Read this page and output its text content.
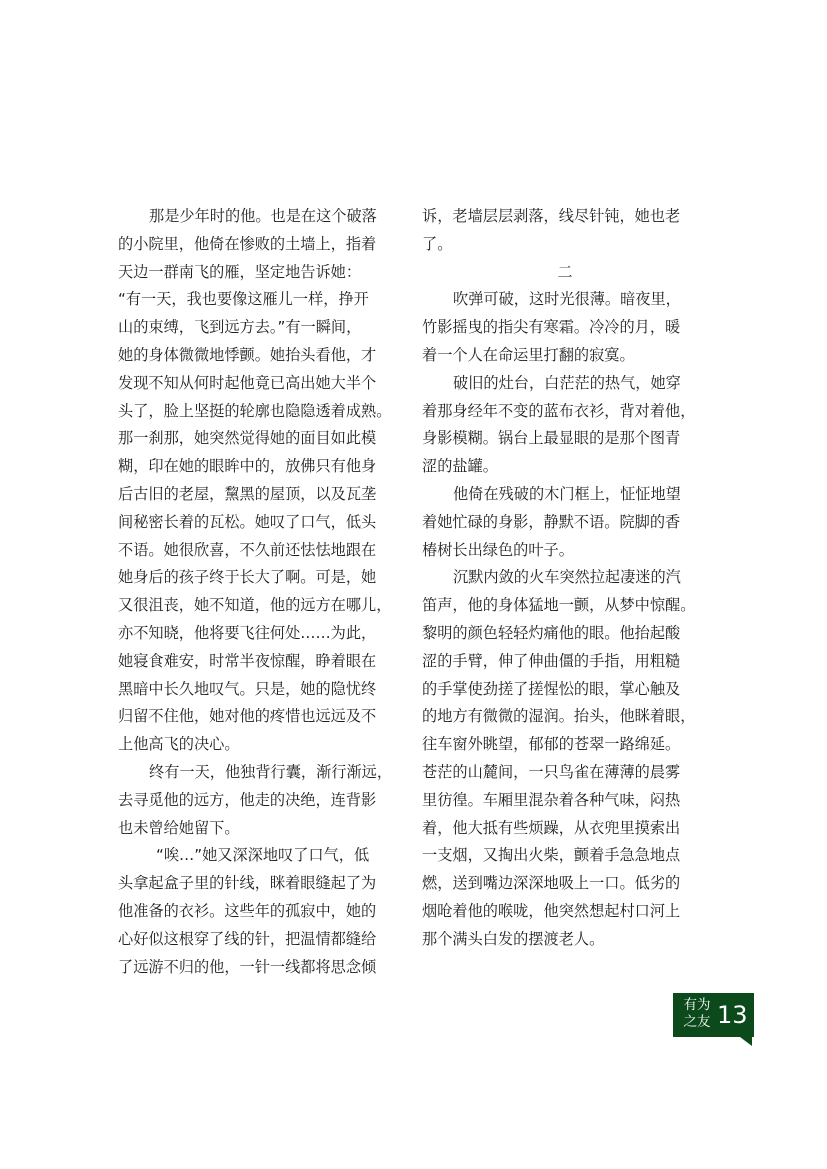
那是少年时的他。也是在这个破落
的小院里，他倚在惨败的土墙上，指着
天边一群南飞的雁，坚定地告诉她：
“有一天，我也要像这雁儿一样，挣开
山的束缚，飞到远方去。”有一瞬间，
她的身体微微地悸颤。她抬头看他，才
发现不知从何时起他竟已高出她大半个
头了，脸上坚挺的轮廓也隐隐透着成熟。
那一刹那，她突然觉得她的面目如此模
糊，印在她的眼眸中的，放佛只有他身
后古旧的老屋，黧黑的屋顶，以及瓦垄
间秘密长着的瓦松。她叹了口气，低头
不语。她很欣喜，不久前还怯怯地跟在
她身后的孩子终于长大了啊。可是，她
又很沮丧，她不知道，他的远方在哪儿，
亦不知晓，他将要飞往何处……为此，
她寝食难安，时常半夜惊醒，睁着眼在
黑暗中长久地叹气。只是，她的隐忧终
归留不住他，她对他的疼惜也远远及不
上他高飞的决心。
终有一天，他独背行囊，渐行渐远，
去寻觅他的远方，他走的决绝，连背影
也未曾给她留下。
“唉…”她又深深地叹了口气，低
头拿起盒子里的针线，眯着眼缝起了为
他准备的衣衫。这些年的孤寂中，她的
心好似这根穿了线的针，把温情都缝给
了远游不归的他，一针一线都将思念倾
诉，老墙层层剥落，线尽针钝，她也老
了。
二
吹弹可破，这时光很薄。暗夜里，
竹影摇曳的指尖有寒霜。冷冷的月，暖
着一个人在命运里打翻的寂寞。
破旧的灶台，白茫茫的热气，她穿
着那身经年不变的蓝布衣衫，背对着他，
身影模糊。锅台上最显眼的是那个图青
涩的盐罐。
他倚在残破的木门框上，怔怔地望
着她忙碌的身影，静默不语。院脚的香
椿树长出绿色的叶子。
沉默内敛的火车突然拉起凄迷的汽
笛声，他的身体猛地一颤，从梦中惊醒。
黎明的颜色轻轻灼痛他的眼。他抬起酸
涩的手臂，伸了伸曲僵的手指，用粗糙
的手掌使劲搓了搓惺忪的眼，掌心触及
的地方有微微的湿润。抬头，他眯着眼，
往车窗外眺望，郁郁的苍翠一路绵延。
苍茫的山麓间，一只鸟雀在薄薄的晨雾
里彷徨。车厢里混杂着各种气味，闷热
着，他大抵有些烦躁，从衣兜里摸索出
一支烟，又掏出火柴，颤着手急急地点
燃，送到嘴边深深地吸上一口。低劣的
烟呛着他的喉咙，他突然想起村口河上
那个满头白发的摆渡老人。
有为
之友 13
